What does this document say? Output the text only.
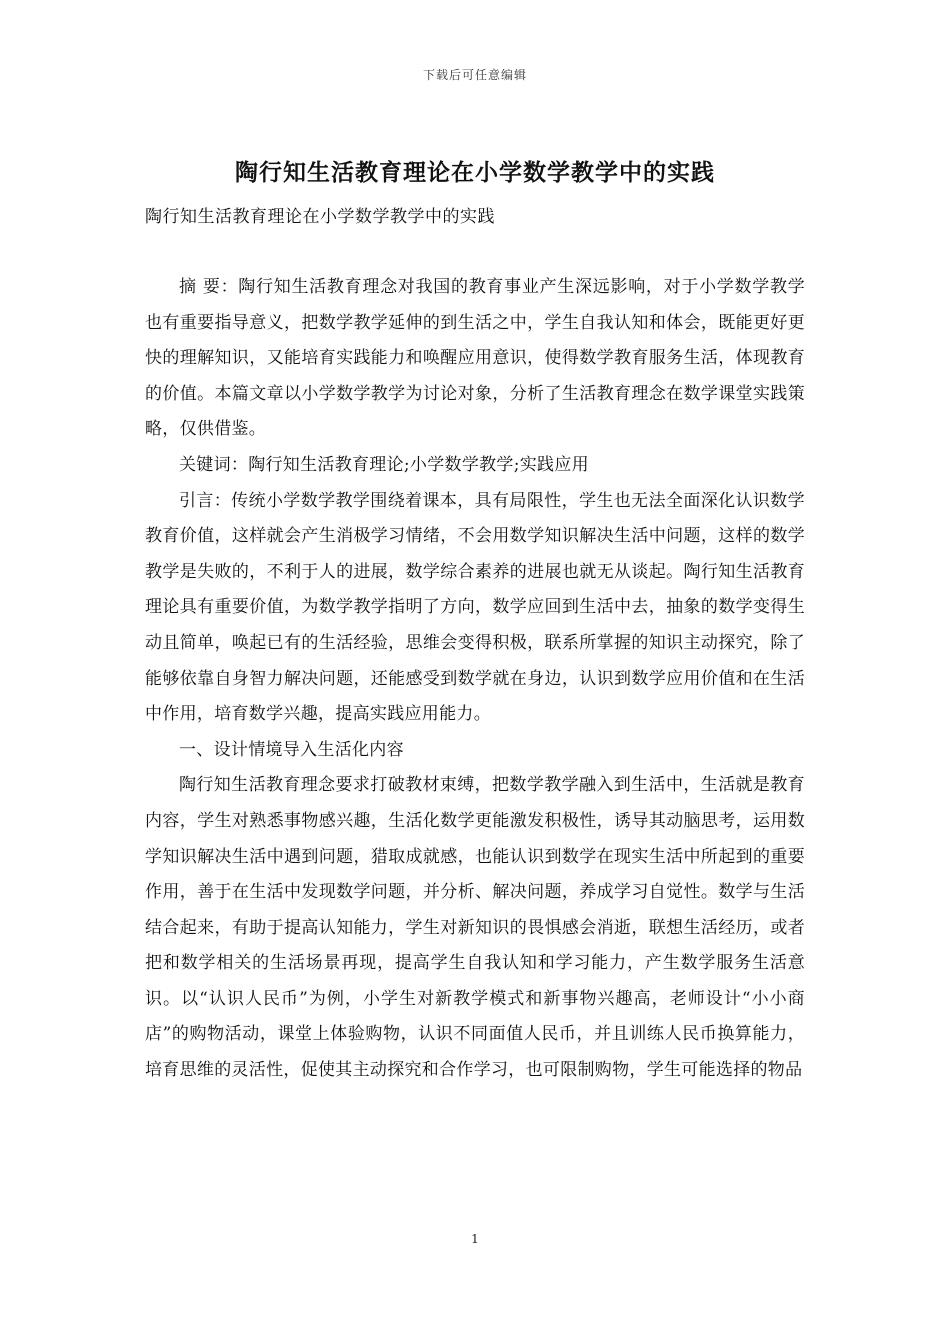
下载后可任意编辑
陶行知生活教育理论在小学数学教学中的实践

陶行知生活教育理论在小学数学教学中的实践

摘 要：陶行知生活教育理念对我国的教育事业产生深远影响，对于小学数学教学也有重要指导意义，把数学教学延伸的到生活之中，学生自我认知和体会，既能更好更快的理解知识，又能培育实践能力和唤醒应用意识，使得数学教育服务生活，体现教育的价值。本篇文章以小学数学教学为讨论对象，分析了生活教育理念在数学课堂实践策略，仅供借鉴。

关键词：陶行知生活教育理论;小学数学教学;实践应用

引言：传统小学数学教学围绕着课本，具有局限性，学生也无法全面深化认识数学教育价值，这样就会产生消极学习情绪，不会用数学知识解决生活中问题，这样的数学教学是失败的，不利于人的进展，数学综合素养的进展也就无从谈起。陶行知生活教育理论具有重要价值，为数学教学指明了方向，数学应回到生活中去，抽象的数学变得生动且简单，唤起已有的生活经验，思维会变得积极，联系所掌握的知识主动探究，除了能够依靠自身智力解决问题，还能感受到数学就在身边，认识到数学应用价值和在生活中作用，培育数学兴趣，提高实践应用能力。

一、设计情境导入生活化内容

陶行知生活教育理念要求打破教材束缚，把数学教学融入到生活中，生活就是教育内容，学生对熟悉事物感兴趣，生活化数学更能激发积极性，诱导其动脑思考，运用数学知识解决生活中遇到问题，猎取成就感，也能认识到数学在现实生活中所起到的重要作用，善于在生活中发现数学问题，并分析、解决问题，养成学习自觉性。数学与生活结合起来，有助于提高认知能力，学生对新知识的畏惧感会消逝，联想生活经历，或者把和数学相关的生活场景再现，提高学生自我认知和学习能力，产生数学服务生活意识。以“认识人民币”为例，小学生对新教学模式和新事物兴趣高，老师设计“小小商店”的购物活动，课堂上体验购物，认识不同面值人民币，并且训练人民币换算能力，培育思维的灵活性，促使其主动探究和合作学习，也可限制购物，学生可能选择的物品

1
